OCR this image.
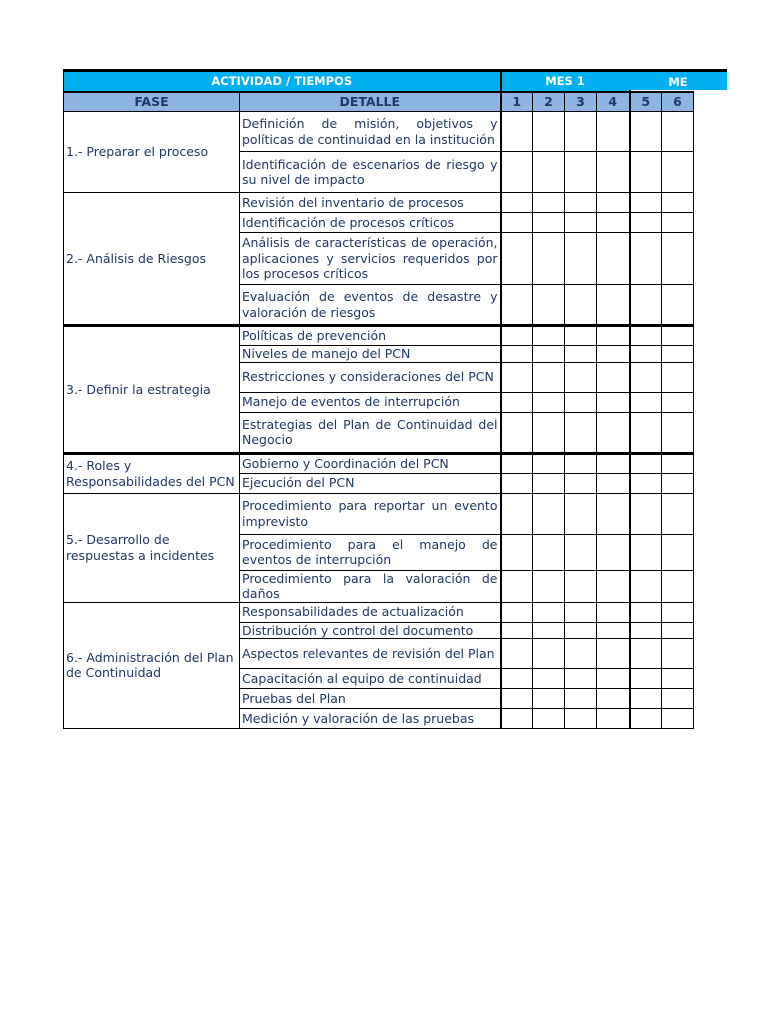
ACTIVIDAD / TIEMPOS		MES 1					
FASE	DETALLE	1	2	3	4	5	6
1.- Preparar el proceso	Definición de misión, objetivos y políticas de continuidad en la institución						
	Identificación de escenarios de riesgo y su nivel de impacto						
2.- Análisis de Riesgos	Revisión del inventario de procesos						
	Identificación de procesos críticos						
	Análisis de características de operación, aplicaciones y servicios requeridos por los procesos críticos						
	Evaluación de eventos de desastre y valoración de riesgos						
3.- Definir la estrategia	Políticas de prevención						
	Niveles de manejo del PCN						
	Restricciones y consideraciones del PCN						
	Manejo de eventos de interrupción						
	Estrategias del Plan de Continuidad del Negocio						
4.- Roles y Responsabilidades del PCN	Gobierno y Coordinación del PCN						
	Ejecución del PCN						
5.- Desarrollo de respuestas a incidentes	Procedimiento para reportar un evento imprevisto						
	Procedimiento para el manejo de eventos de interrupción						
	Procedimiento para la valoración de daños						
6.- Administración del Plan de Continuidad	Responsabilidades de actualización						
	Distribución y control del documento						
	Aspectos relevantes de revisión del Plan						
	Capacitación al equipo de continuidad						
	Pruebas del Plan						
	Medición y valoración de las pruebas						
ME
